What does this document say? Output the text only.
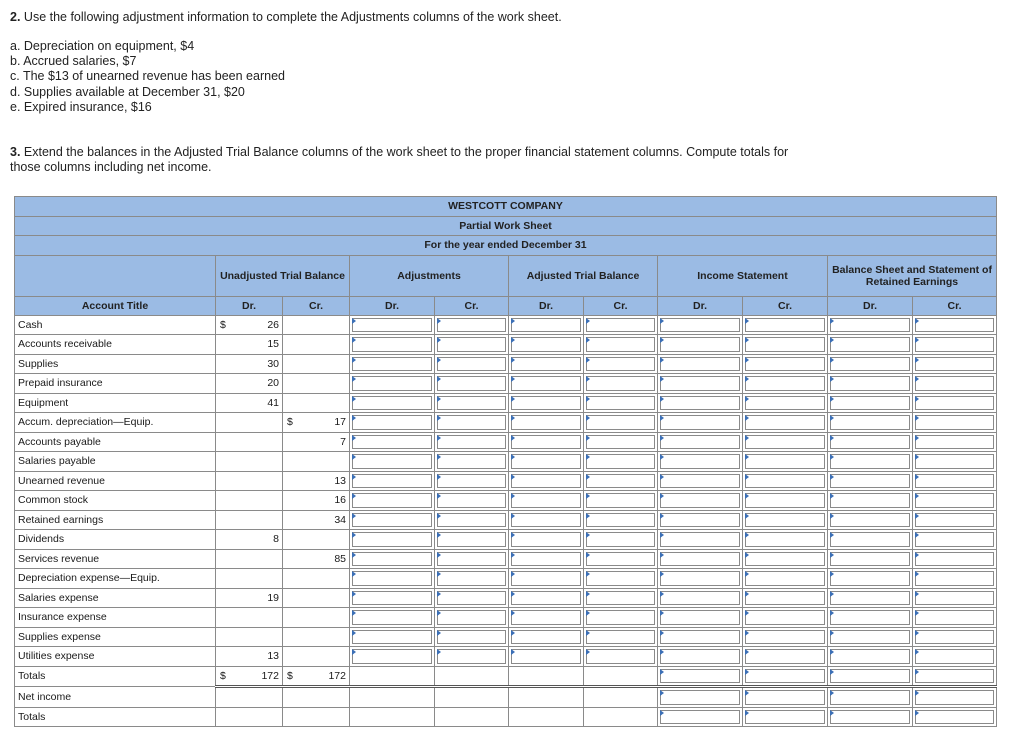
2. Use the following adjustment information to complete the Adjustments columns of the work sheet.
a. Depreciation on equipment, $4
b. Accrued salaries, $7
c. The $13 of unearned revenue has been earned
d. Supplies available at December 31, $20
e. Expired insurance, $16
3. Extend the balances in the Adjusted Trial Balance columns of the work sheet to the proper financial statement columns. Compute totals for those columns including net income.
WESTCOTT COMPANY										
Partial Work Sheet										
For the year ended December 31										
	Unadjusted Trial Balance		Adjustments		Adjusted Trial Balance		Income Statement		Balance Sheet and Statement of Retained Earnings	
Account Title	Dr.	Cr.	Dr.	Cr.	Dr.	Cr.	Dr.	Cr.	Dr.	Cr.
Cash	$ 26									

Accounts receivable	15									

Supplies	30									

Prepaid insurance	20									

Equipment	41									

Accum. depreciation—Equip.		$ 17								

Accounts payable		7								

Salaries payable	

Unearned revenue		13								

Common stock		16								

Retained earnings		34								

Dividends	8									

Services revenue		85								

Depreciation expense—Equip.	

Salaries expense	19									

Insurance expense	

Supplies expense	

Utilities expense	13									

Totals	$ 172	$ 172								

Net income							

Totals							
